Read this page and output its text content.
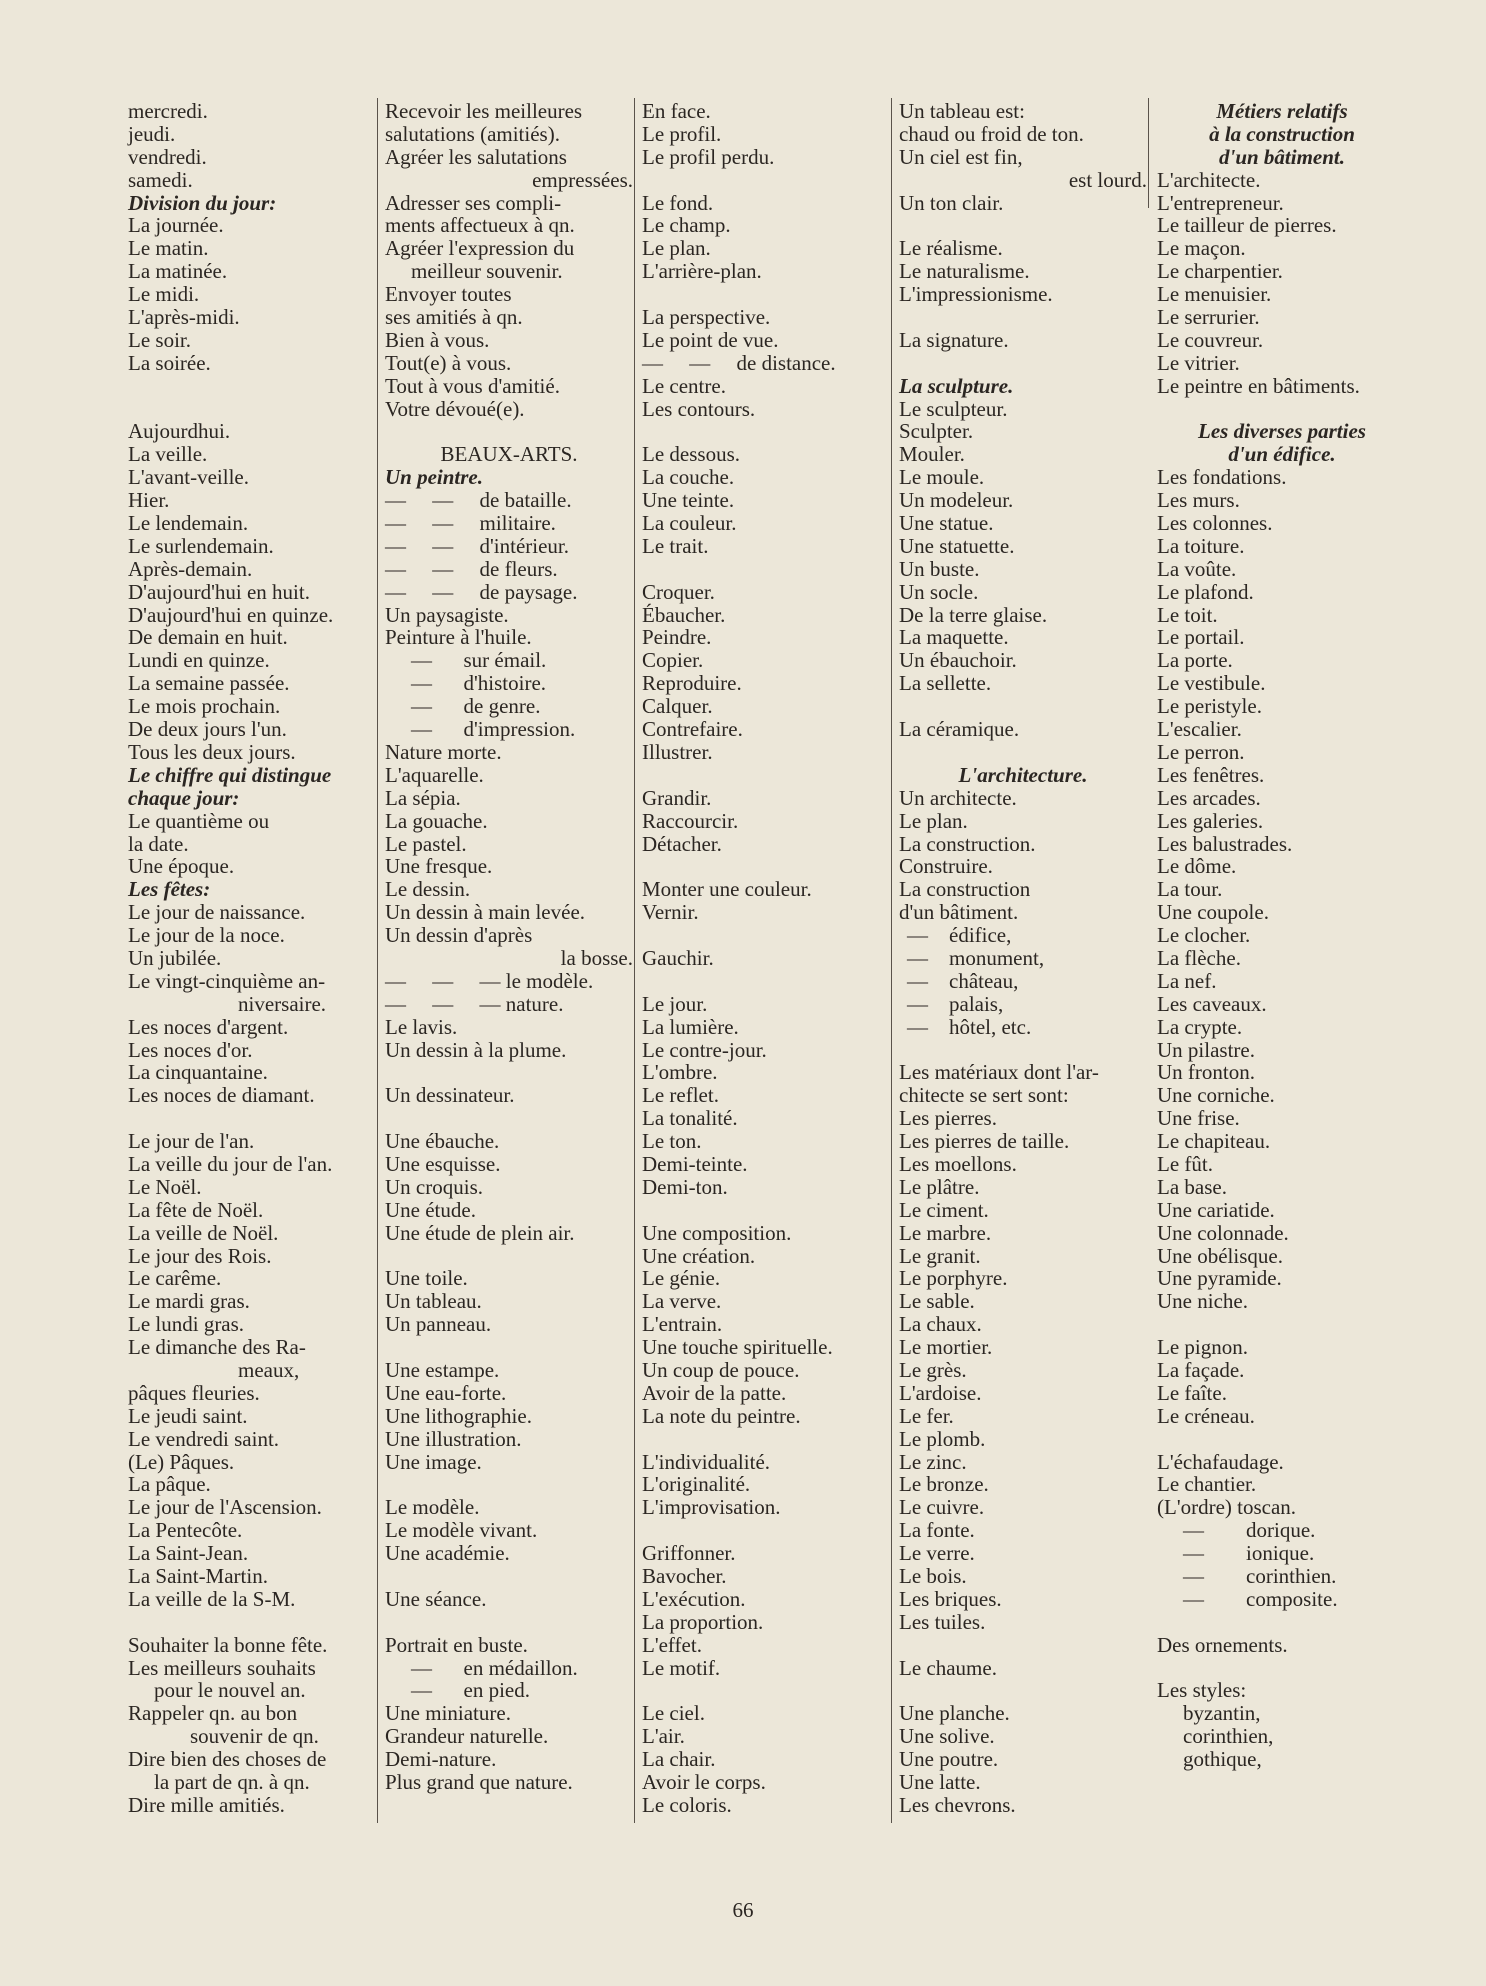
mercredi.
jeudi.
vendredi.
samedi.
Division du jour:
La journée.
Le matin.
La matinée.
Le midi.
L'après-midi.
Le soir.
La soirée.
Aujourdhui.
La veille.
L'avant-veille.
Hier.
Le lendemain.
Le surlendemain.
Après-demain.
D'aujourd'hui en huit.
D'aujourd'hui en quinze.
De demain en huit.
Lundi en quinze.
La semaine passée.
Le mois prochain.
De deux jours l'un.
Tous les deux jours.
Le chiffre qui distingue
chaque jour:
Le quantième ou
la date.
Une époque.
Les fêtes:
Le jour de naissance.
Le jour de la noce.
Un jubilée.
Le vingt-cinquième an-
niversaire.
Les noces d'argent.
Les noces d'or.
La cinquantaine.
Les noces de diamant.
Le jour de l'an.
La veille du jour de l'an.
Le Noël.
La fête de Noël.
La veille de Noël.
Le jour des Rois.
Le carême.
Le mardi gras.
Le lundi gras.
Le dimanche des Ra-
meaux,
pâques fleuries.
Le jeudi saint.
Le vendredi saint.
(Le) Pâques.
La pâque.
Le jour de l'Ascension.
La Pentecôte.
La Saint-Jean.
La Saint-Martin.
La veille de la S-M.
Souhaiter la bonne fête.
Les meilleurs souhaits
pour le nouvel an.
Rappeler qn. au bon
souvenir de qn.
Dire bien des choses de
la part de qn. à qn.
Dire mille amitiés.
Recevoir les meilleures
salutations (amitiés).
Agréer les salutations
empressées.
Adresser ses compli-
ments affectueux à qn.
Agréer l'expression du
meilleur souvenir.
Envoyer toutes
ses amitiés à qn.
Bien à vous.
Tout(e) à vous.
Tout à vous d'amitié.
Votre dévoué(e).
BEAUX-ARTS.
Un peintre.
—     —     de bataille.
—     —     militaire.
—     —     d'intérieur.
—     —     de fleurs.
—     —     de paysage.
Un paysagiste.
Peinture à l'huile.
—      sur émail.
—      d'histoire.
—      de genre.
—      d'impression.
Nature morte.
L'aquarelle.
La sépia.
La gouache.
Le pastel.
Une fresque.
Le dessin.
Un dessin à main levée.
Un dessin d'après
la bosse.
—     —     — le modèle.
—     —     — nature.
Le lavis.
Un dessin à la plume.
Un dessinateur.
Une ébauche.
Une esquisse.
Un croquis.
Une étude.
Une étude de plein air.
Une toile.
Un tableau.
Un panneau.
Une estampe.
Une eau-forte.
Une lithographie.
Une illustration.
Une image.
Le modèle.
Le modèle vivant.
Une académie.
Une séance.
Portrait en buste.
—      en médaillon.
—      en pied.
Une miniature.
Grandeur naturelle.
Demi-nature.
Plus grand que nature.
En face.
Le profil.
Le profil perdu.
Le fond.
Le champ.
Le plan.
L'arrière-plan.
La perspective.
Le point de vue.
—     —     de distance.
Le centre.
Les contours.
Le dessous.
La couche.
Une teinte.
La couleur.
Le trait.
Croquer.
Ébaucher.
Peindre.
Copier.
Reproduire.
Calquer.
Contrefaire.
Illustrer.
Grandir.
Raccourcir.
Détacher.
Monter une couleur.
Vernir.
Gauchir.
Le jour.
La lumière.
Le contre-jour.
L'ombre.
Le reflet.
La tonalité.
Le ton.
Demi-teinte.
Demi-ton.
Une composition.
Une création.
Le génie.
La verve.
L'entrain.
Une touche spirituelle.
Un coup de pouce.
Avoir de la patte.
La note du peintre.
L'individualité.
L'originalité.
L'improvisation.
Griffonner.
Bavocher.
L'exécution.
La proportion.
L'effet.
Le motif.
Le ciel.
L'air.
La chair.
Avoir le corps.
Le coloris.
Un tableau est:
chaud ou froid de ton.
Un ciel est fin,
est lourd.
Un ton clair.
Le réalisme.
Le naturalisme.
L'impressionisme.
La signature.
La sculpture.
Le sculpteur.
Sculpter.
Mouler.
Le moule.
Un modeleur.
Une statue.
Une statuette.
Un buste.
Un socle.
De la terre glaise.
La maquette.
Un ébauchoir.
La sellette.
La céramique.
L'architecture.
Un architecte.
Le plan.
La construction.
Construire.
La construction
d'un bâtiment.
—    édifice,
—    monument,
—    château,
—    palais,
—    hôtel, etc.
Les matériaux dont l'ar-
chitecte se sert sont:
Les pierres.
Les pierres de taille.
Les moellons.
Le plâtre.
Le ciment.
Le marbre.
Le granit.
Le porphyre.
Le sable.
La chaux.
Le mortier.
Le grès.
L'ardoise.
Le fer.
Le plomb.
Le zinc.
Le bronze.
Le cuivre.
La fonte.
Le verre.
Le bois.
Les briques.
Les tuiles.
Le chaume.
Une planche.
Une solive.
Une poutre.
Une latte.
Les chevrons.
Métiers relatifs
à la construction
d'un bâtiment.
L'architecte.
L'entrepreneur.
Le tailleur de pierres.
Le maçon.
Le charpentier.
Le menuisier.
Le serrurier.
Le couvreur.
Le vitrier.
Le peintre en bâtiments.
Les diverses parties
d'un édifice.
Les fondations.
Les murs.
Les colonnes.
La toiture.
La voûte.
Le plafond.
Le toit.
Le portail.
La porte.
Le vestibule.
Le peristyle.
L'escalier.
Le perron.
Les fenêtres.
Les arcades.
Les galeries.
Les balustrades.
Le dôme.
La tour.
Une coupole.
Le clocher.
La flèche.
La nef.
Les caveaux.
La crypte.
Un pilastre.
Un fronton.
Une corniche.
Une frise.
Le chapiteau.
Le fût.
La base.
Une cariatide.
Une colonnade.
Une obélisque.
Une pyramide.
Une niche.
Le pignon.
La façade.
Le faîte.
Le créneau.
L'échafaudage.
Le chantier.
(L'ordre) toscan.
—        dorique.
—        ionique.
—        corinthien.
—        composite.
Des ornements.
Les styles:
byzantin,
corinthien,
gothique,
66
